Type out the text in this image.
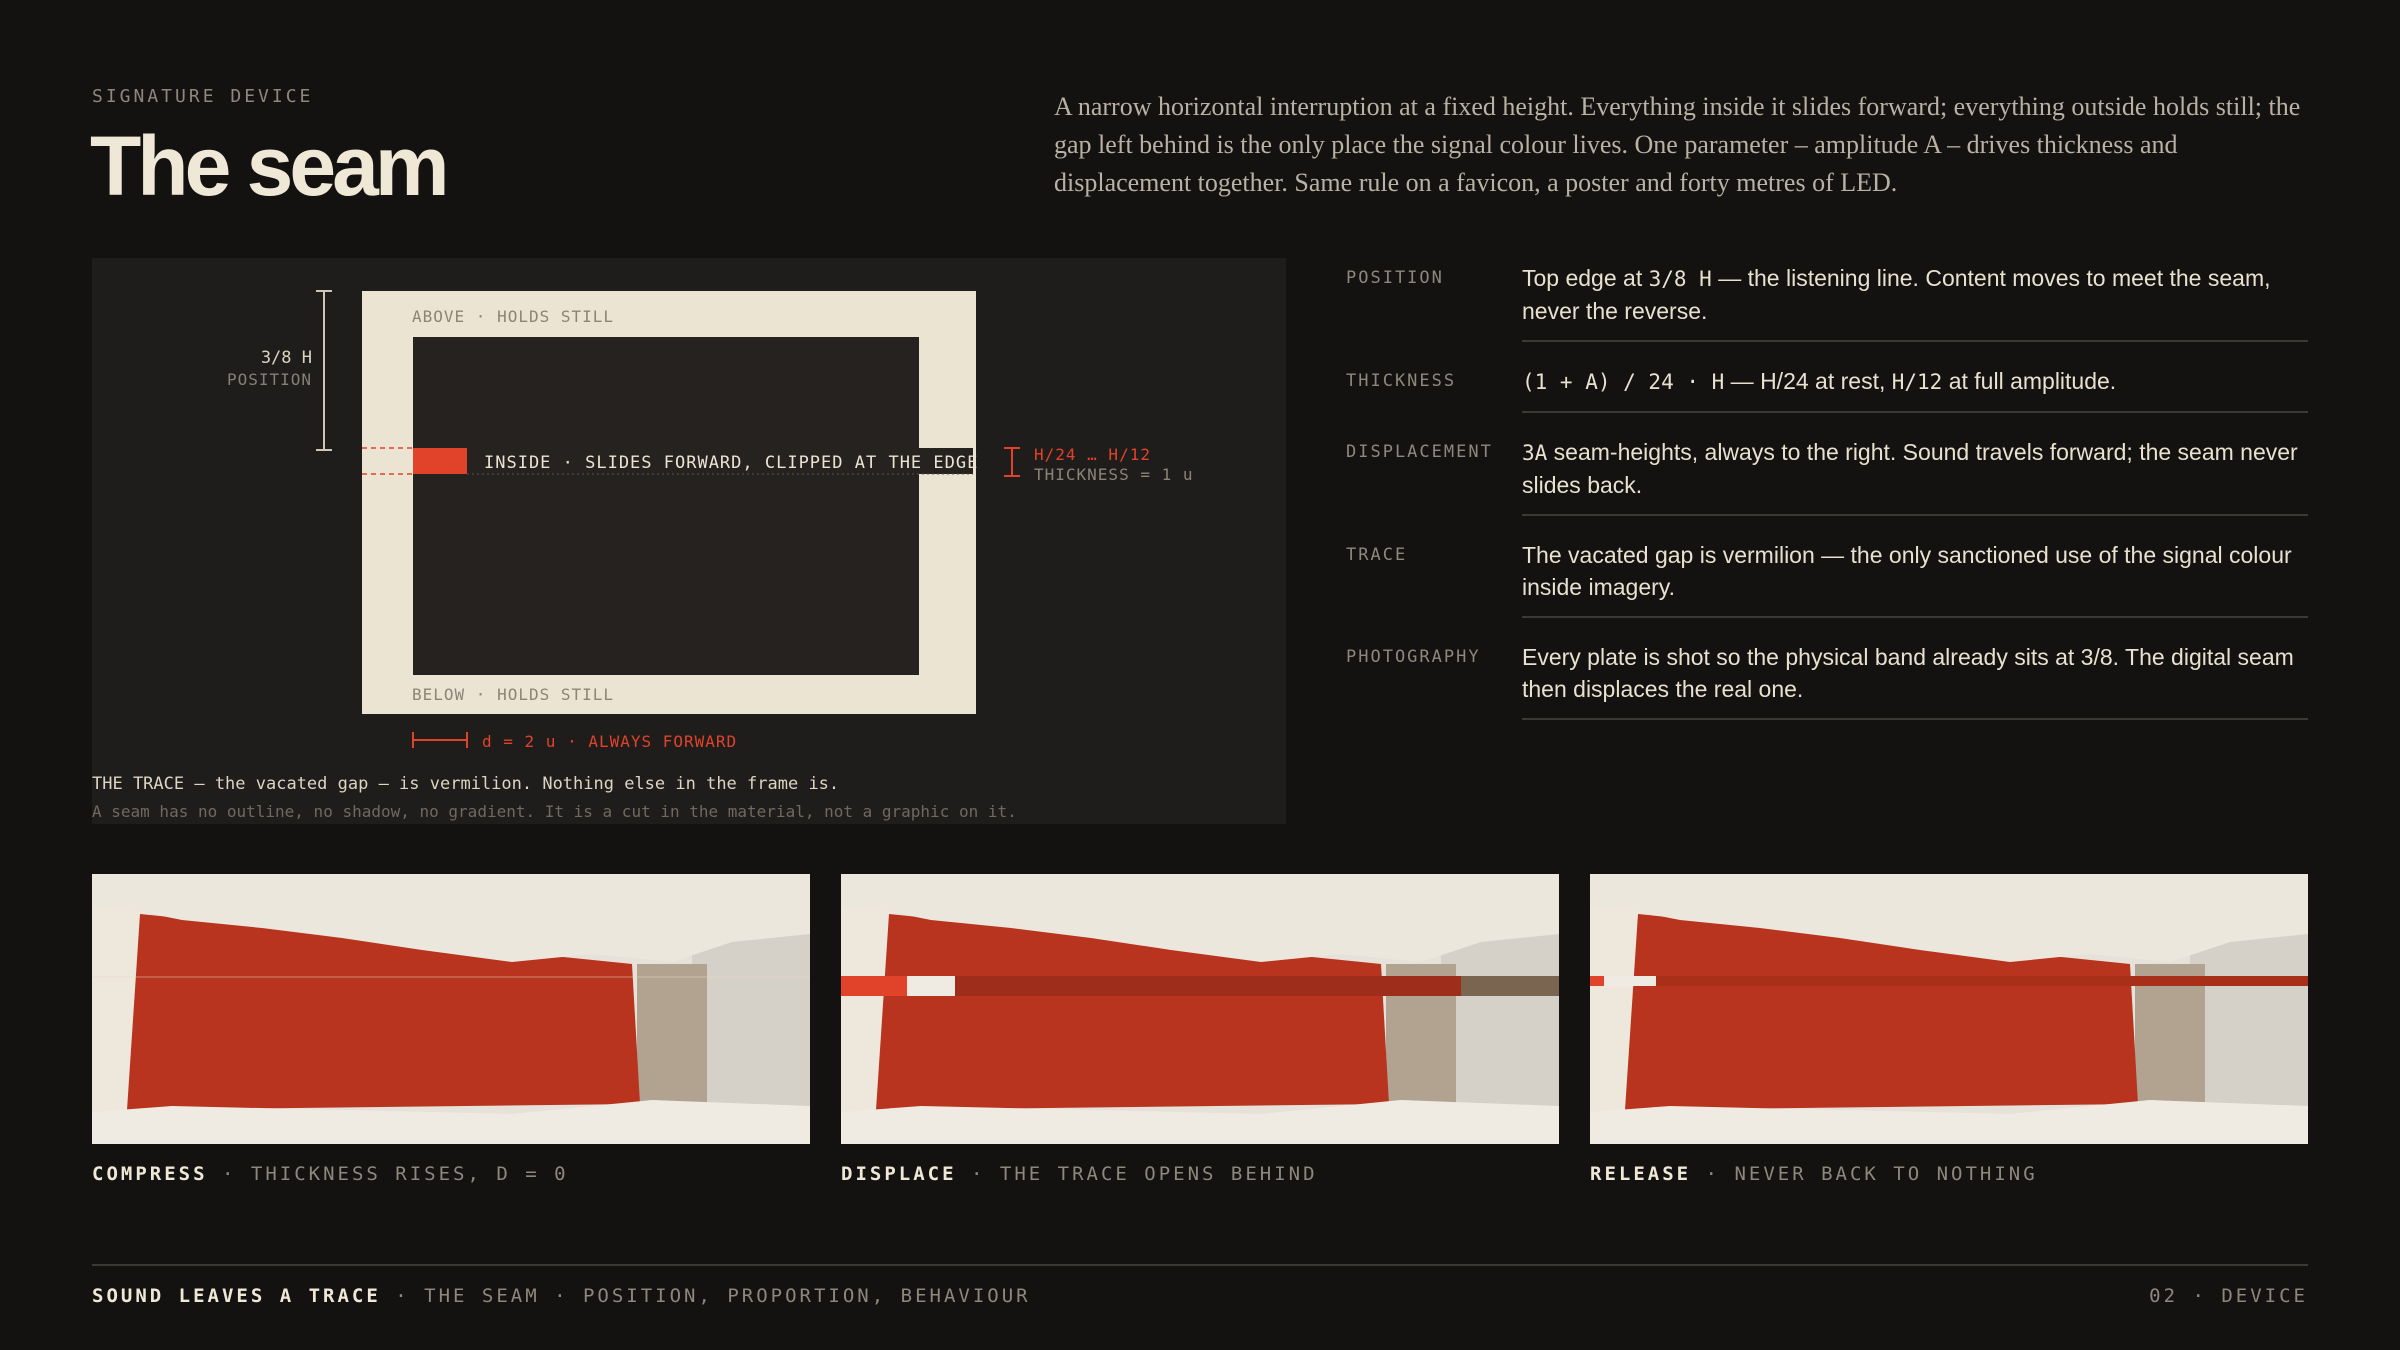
SIGNATURE DEVICE
The seam

A narrow horizontal interruption at a fixed height. Everything inside it slides forward; everything outside holds still; the gap left behind is the only place the signal colour lives. One parameter – amplitude A – drives thickness and displacement together. Same rule on a favicon, a poster and forty metres of LED.

3/8 H
POSITION
ABOVE · HOLDS STILL
INSIDE · SLIDES FORWARD, CLIPPED AT THE EDGE
BELOW · HOLDS STILL
H/24 … H/12
THICKNESS = 1 u
d = 2 u · ALWAYS FORWARD
THE TRACE — the vacated gap — is vermilion. Nothing else in the frame is.
A seam has no outline, no shadow, no gradient. It is a cut in the material, not a graphic on it.
POSITION	Top edge at 3/8 H — the listening line. Content moves to meet the seam, never the reverse.
THICKNESS	(1 + A) / 24 · H — H/24 at rest, H/12 at full amplitude.
DISPLACEMENT	3A seam-heights, always to the right. Sound travels forward; the seam never slides back.
TRACE	The vacated gap is vermilion — the only sanctioned use of the signal colour inside imagery.
PHOTOGRAPHY	Every plate is shot so the physical band already sits at 3/8. The digital seam then displaces the real one.
COMPRESS · THICKNESS RISES, D = 0	DISPLACE · THE TRACE OPENS BEHIND	RELEASE · NEVER BACK TO NOTHING
SOUND LEAVES A TRACE · THE SEAM · POSITION, PROPORTION, BEHAVIOUR	02 · DEVICE
